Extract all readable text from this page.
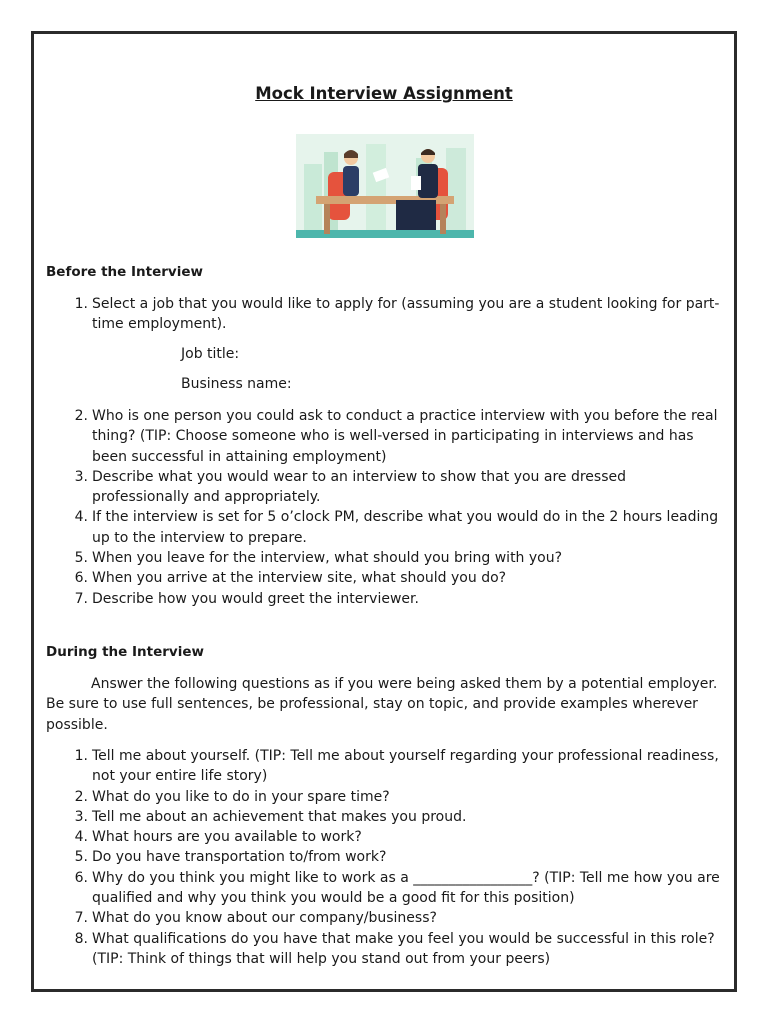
Mock Interview Assignment
Before the Interview
1. Select a job that you would like to apply for (assuming you are a student looking for part-time employment).
Job title:
Business name:
2. Who is one person you could ask to conduct a practice interview with you before the real thing? (TIP: Choose someone who is well-versed in participating in interviews and has been successful in attaining employment)
3. Describe what you would wear to an interview to show that you are dressed professionally and appropriately.
4. If the interview is set for 5 o’clock PM, describe what you would do in the 2 hours leading up to the interview to prepare.
5. When you leave for the interview, what should you bring with you?
6. When you arrive at the interview site, what should you do?
7. Describe how you would greet the interviewer.
During the Interview
Answer the following questions as if you were being asked them by a potential employer. Be sure to use full sentences, be professional, stay on topic, and provide examples wherever possible.
1. Tell me about yourself. (TIP: Tell me about yourself regarding your professional readiness, not your entire life story)
2. What do you like to do in your spare time?
3. Tell me about an achievement that makes you proud.
4. What hours are you available to work?
5. Do you have transportation to/from work?
6. Why do you think you might like to work as a _________________? (TIP: Tell me how you are qualified and why you think you would be a good fit for this position)
7. What do you know about our company/business?
8. What qualifications do you have that make you feel you would be successful in this role? (TIP: Think of things that will help you stand out from your peers)
